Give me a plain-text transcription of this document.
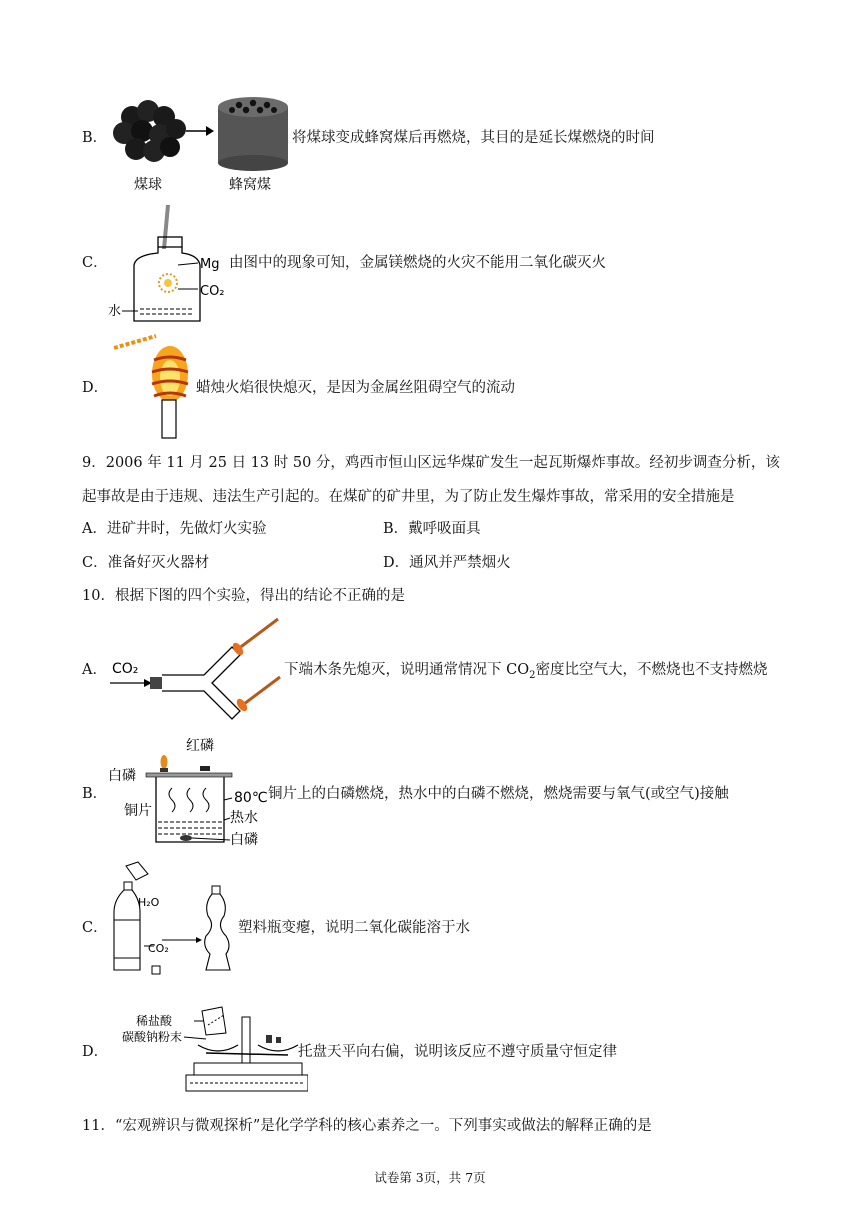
B．
煤球	蜂窝煤
将煤球变成蜂窝煤后再燃烧，其目的是延长煤燃烧的时间
C．	Mg
CO₂
水
由图中的现象可知，金属镁燃烧的火灾不能用二氧化碳灭火
D．	蜡烛火焰很快熄灭，是因为金属丝阻碍空气的流动
9．2006 年 11 月 25 日 13 时 50 分，鸡西市恒山区远华煤矿发生一起瓦斯爆炸事故。经初步调查分析，该
起事故是由于违规、违法生产引起的。在煤矿的矿井里，为了防止发生爆炸事故，常采用的安全措施是
A．进矿井时，先做灯火实验	B．戴呼吸面具
C．准备好灭火器材	D．通风并严禁烟火
10．根据下图的四个实验，得出的结论不正确的是
A． CO₂	下端木条先熄灭，说明通常情况下 $CO_2$密度比空气大，不燃烧也不支持燃烧
B．
红磷
白磷
铜片
80℃
热水
白磷
铜片上的白磷燃烧，热水中的白磷不燃烧，燃烧需要与氧气(或空气)接触
C．
H₂O
CO₂
塑料瓶变瘪，说明二氧化碳能溶于水
D．
稀盐酸
碳酸钠粉末
托盘天平向右偏，说明该反应不遵守质量守恒定律
11．“宏观辨识与微观探析”是化学学科的核心素养之一。下列事实或做法的解释正确的是
试卷第 3页，共 7页
